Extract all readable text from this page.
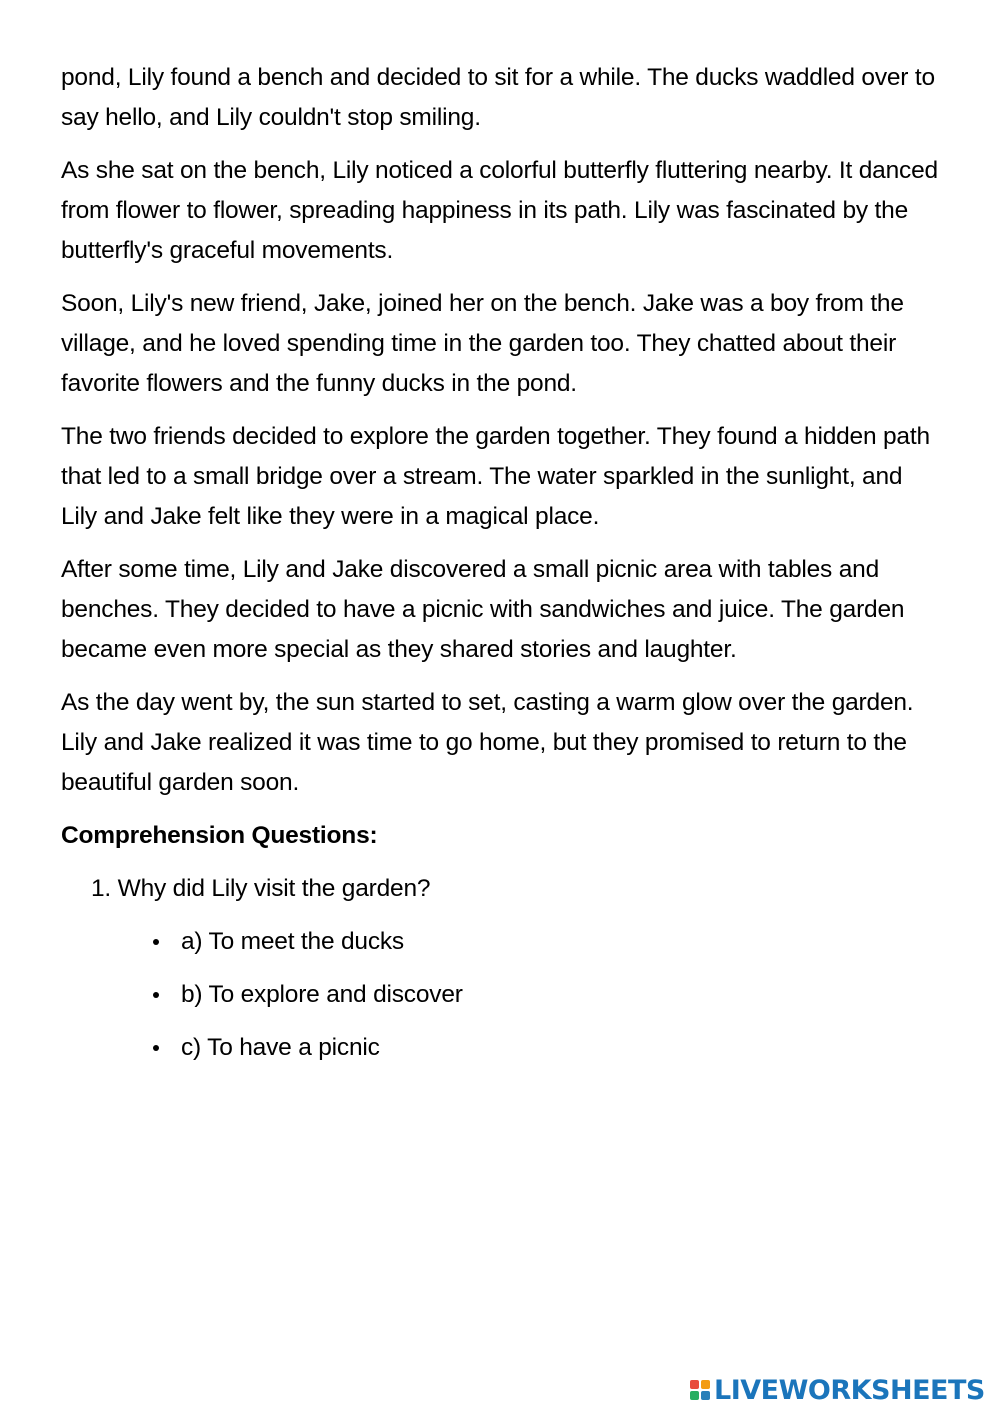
pond, Lily found a bench and decided to sit for a while. The ducks waddled over to say hello, and Lily couldn't stop smiling.

As she sat on the bench, Lily noticed a colorful butterfly fluttering nearby. It danced from flower to flower, spreading happiness in its path. Lily was fascinated by the butterfly's graceful movements.

Soon, Lily's new friend, Jake, joined her on the bench. Jake was a boy from the village, and he loved spending time in the garden too. They chatted about their favorite flowers and the funny ducks in the pond.

The two friends decided to explore the garden together. They found a hidden path that led to a small bridge over a stream. The water sparkled in the sunlight, and Lily and Jake felt like they were in a magical place.

After some time, Lily and Jake discovered a small picnic area with tables and benches. They decided to have a picnic with sandwiches and juice. The garden became even more special as they shared stories and laughter.

As the day went by, the sun started to set, casting a warm glow over the garden. Lily and Jake realized it was time to go home, but they promised to return to the beautiful garden soon.

Comprehension Questions:
1. Why did Lily visit the garden?
a) To meet the ducks
b) To explore and discover
c) To have a picnic
LIVEWORKSHEETS
